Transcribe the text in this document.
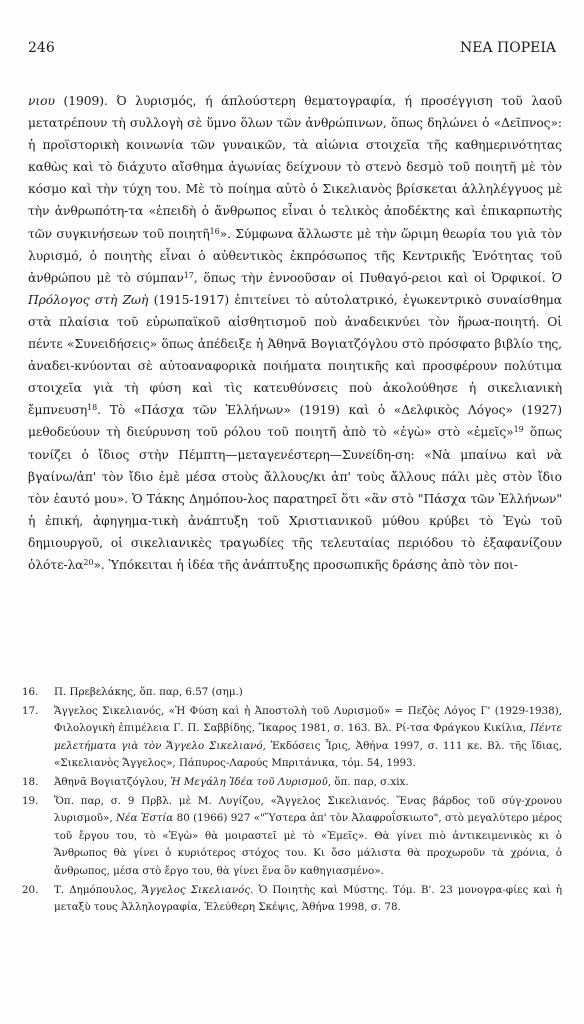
246	ΝΕΑ ΠΟΡΕΙΑ

νιου (1909). Ό λυρισμός, ή άπλούστερη θεματογραφία, ή προσέγγιση τοῦ λαοῦ μετατρέπουν τὴ συλλογὴ σὲ ὕμνο ὅλων τῶν ἀνθρώπινων, ὅπως δηλώνει ὁ «Δεῖπνος»: ἡ προϊστορικὴ κοινωνία τῶν γυναικῶν, τὰ αἰώνια στοιχεῖα τῆς καθημερινότητας καθὼς καὶ τὸ διάχυτο αἴσθημα ἀγωνίας δείχνουν τὸ στενὸ δεσμὸ τοῦ ποιητῆ μὲ τὸν κόσμο καὶ τὴν τύχη του. Μὲ τὸ ποίημα αὐτὸ ὁ Σικελιανὸς βρίσκεται ἀλληλέγγυος μὲ τὴν ἀνθρωπότη-τα «ἐπειδὴ ὁ ἄνθρωπος εἶναι ὁ τελικὸς ἀποδέκτης καὶ ἐπικαρπωτὴς τῶν συγκινήσεων τοῦ ποιητῆ$^{16}$». Σύμφωνα ἄλλωστε μὲ τὴν ὥριμη θεωρία του γιὰ τὸν λυρισμό, ὁ ποιητὴς εἶναι ὁ αὐθεντικὸς ἐκπρόσωπος τῆς Κεντρικῆς Ἑνότητας τοῦ ἀνθρώπου μὲ τὸ σύμπαν$^{17}$, ὅπως τὴν ἐννοοῦσαν οἱ Πυθαγό-ρειοι καὶ οἱ Ὀρφικοί. Ὁ Πρόλογος στὴ Ζωὴ (1915-1917) ἐπιτείνει τὸ αὐτολατρικό, ἐγωκεντρικὸ συναίσθημα στὰ πλαίσια τοῦ εὐρωπαϊκοῦ αἰσθητισμοῦ ποὺ ἀναδεικνύει τὸν ἥρωα-ποιητή. Οἱ πέντε «Συνειδήσεις» ὅπως ἀπέδειξε ἡ Ἀθηνᾶ Βογιατζόγλου στὸ πρόσφατο βιβλίο της, ἀναδει-κνύονται σὲ αὐτοαναφορικὰ ποιήματα ποιητικῆς καὶ προσφέρουν πολύτιμα στοιχεῖα γιὰ τὴ φύση καὶ τὶς κατευθύνσεις ποὺ ἀκολούθησε ἡ σικελιανικὴ ἔμπνευση$^{18}$. Τὸ «Πάσχα τῶν Ἑλλήνων» (1919) καὶ ὁ «Δελφικὸς Λόγος» (1927) μεθοδεύουν τὴ διεύρυνση τοῦ ρόλου τοῦ ποιητῆ ἀπὸ τὸ «ἐγὼ» στὸ «ἐμεῖς»$^{19}$ ὅπως τονίζει ὁ ἴδιος στὴν Πέμπτη—μεταγενέστερη—Συνείδη-ση: «Νὰ μπαίνω καὶ νὰ βγαίνω/ἀπ' τὸν ἴδιο ἐμὲ μέσα στοὺς ἄλλους/κι ἀπ' τοὺς ἄλλους πάλι μὲς στὸν ἴδιο τὸν ἑαυτό μου». Ὁ Τάκης Δημόπου-λος παρατηρεῖ ὅτι «ἂν στὸ "Πάσχα τῶν Ἑλλήνων" ἡ ἐπική, ἀφηγημα-τικὴ ἀνάπτυξη τοῦ Χριστιανικοῦ μύθου κρύβει τὸ Ἐγὼ τοῦ δημιουργοῦ, οἱ σικελιανικὲς τραγωδίες τῆς τελευταίας περιόδου τὸ ἐξαφανίζουν ὁλότε-$\lambda\alpha^{20}$». Ὑπόκειται ἡ ἰδέα τῆς ἀνάπτυξης προσωπικῆς δράσης ἀπὸ τὸν ποι-

16.	Π. Πρεβελάκης, ὅπ. παρ, 6.57 (σημ.)
17.	Ἄγγελος Σικελιανός, «Ἡ Φύση καὶ ἡ Ἀποστολὴ τοῦ Λυρισμοῦ» = Πεζὸς Λόγος Γ' (1929-1938), Φιλολογικὴ ἐπιμέλεια Γ. Π. Σαββίδης, Ἴκαρος 1981, σ. 163. Βλ. Ρί-τσα Φράγκου Κικίλια, Πέντε μελετήματα γιὰ τὸν Ἄγγελο Σικελιανό, Ἐκδόσεις Ἶρις, Ἀθήνα 1997, σ. 111 κε. Βλ. τῆς ἴδιας, «Σικελιανὸς Ἄγγελος», Πάπυρος-Λαρούς Μπριτάνικα, τόμ. 54, 1993.
18.	Ἀθηνᾶ Βογιατζόγλου, Ἡ Μεγάλη Ἰδέα τοῦ Λυρισμοῦ, ὅπ. παρ, σ.xix.
19.	Ὅπ. παρ, σ. 9 Πρβλ. μὲ Μ. Λυγίζου, «Ἄγγελος Σικελιανός. Ἕνας βάρδος τοῦ σύγ-χρονου λυρισμοῦ», Νέα Ἑστία 80 (1966) 927 «"Ὕστερα ἀπ' τὸν Ἀλαφροΐσκιωτο", στὸ μεγαλύτερο μέρος τοῦ ἔργου του, τὸ «Ἐγὼ» θὰ μοιραστεῖ μὲ τὸ «Ἐμεῖς». Θὰ γίνει πιὸ ἀντικειμενικὸς κι ὁ Ἄνθρωπος θὰ γίνει ὁ κυριότερος στόχος του. Κι ὅσο μάλιστα θὰ προχωροῦν τὰ χρόνια, ὁ ἄνθρωπος, μέσα στὸ ἔργο του, θὰ γίνει ἕνα ὂν καθηγιασμένο».
20.	Τ. Δημόπουλος, Ἄγγελος Σικελιανός. Ὁ Ποιητὴς καὶ Μύστης. Τόμ. Β'. 23 μονογρα-φίες καὶ ἡ μεταξὺ τους Ἀλληλογραφία, Ἐλεύθερη Σκέψις, Ἀθήνα 1998, σ. 78.
